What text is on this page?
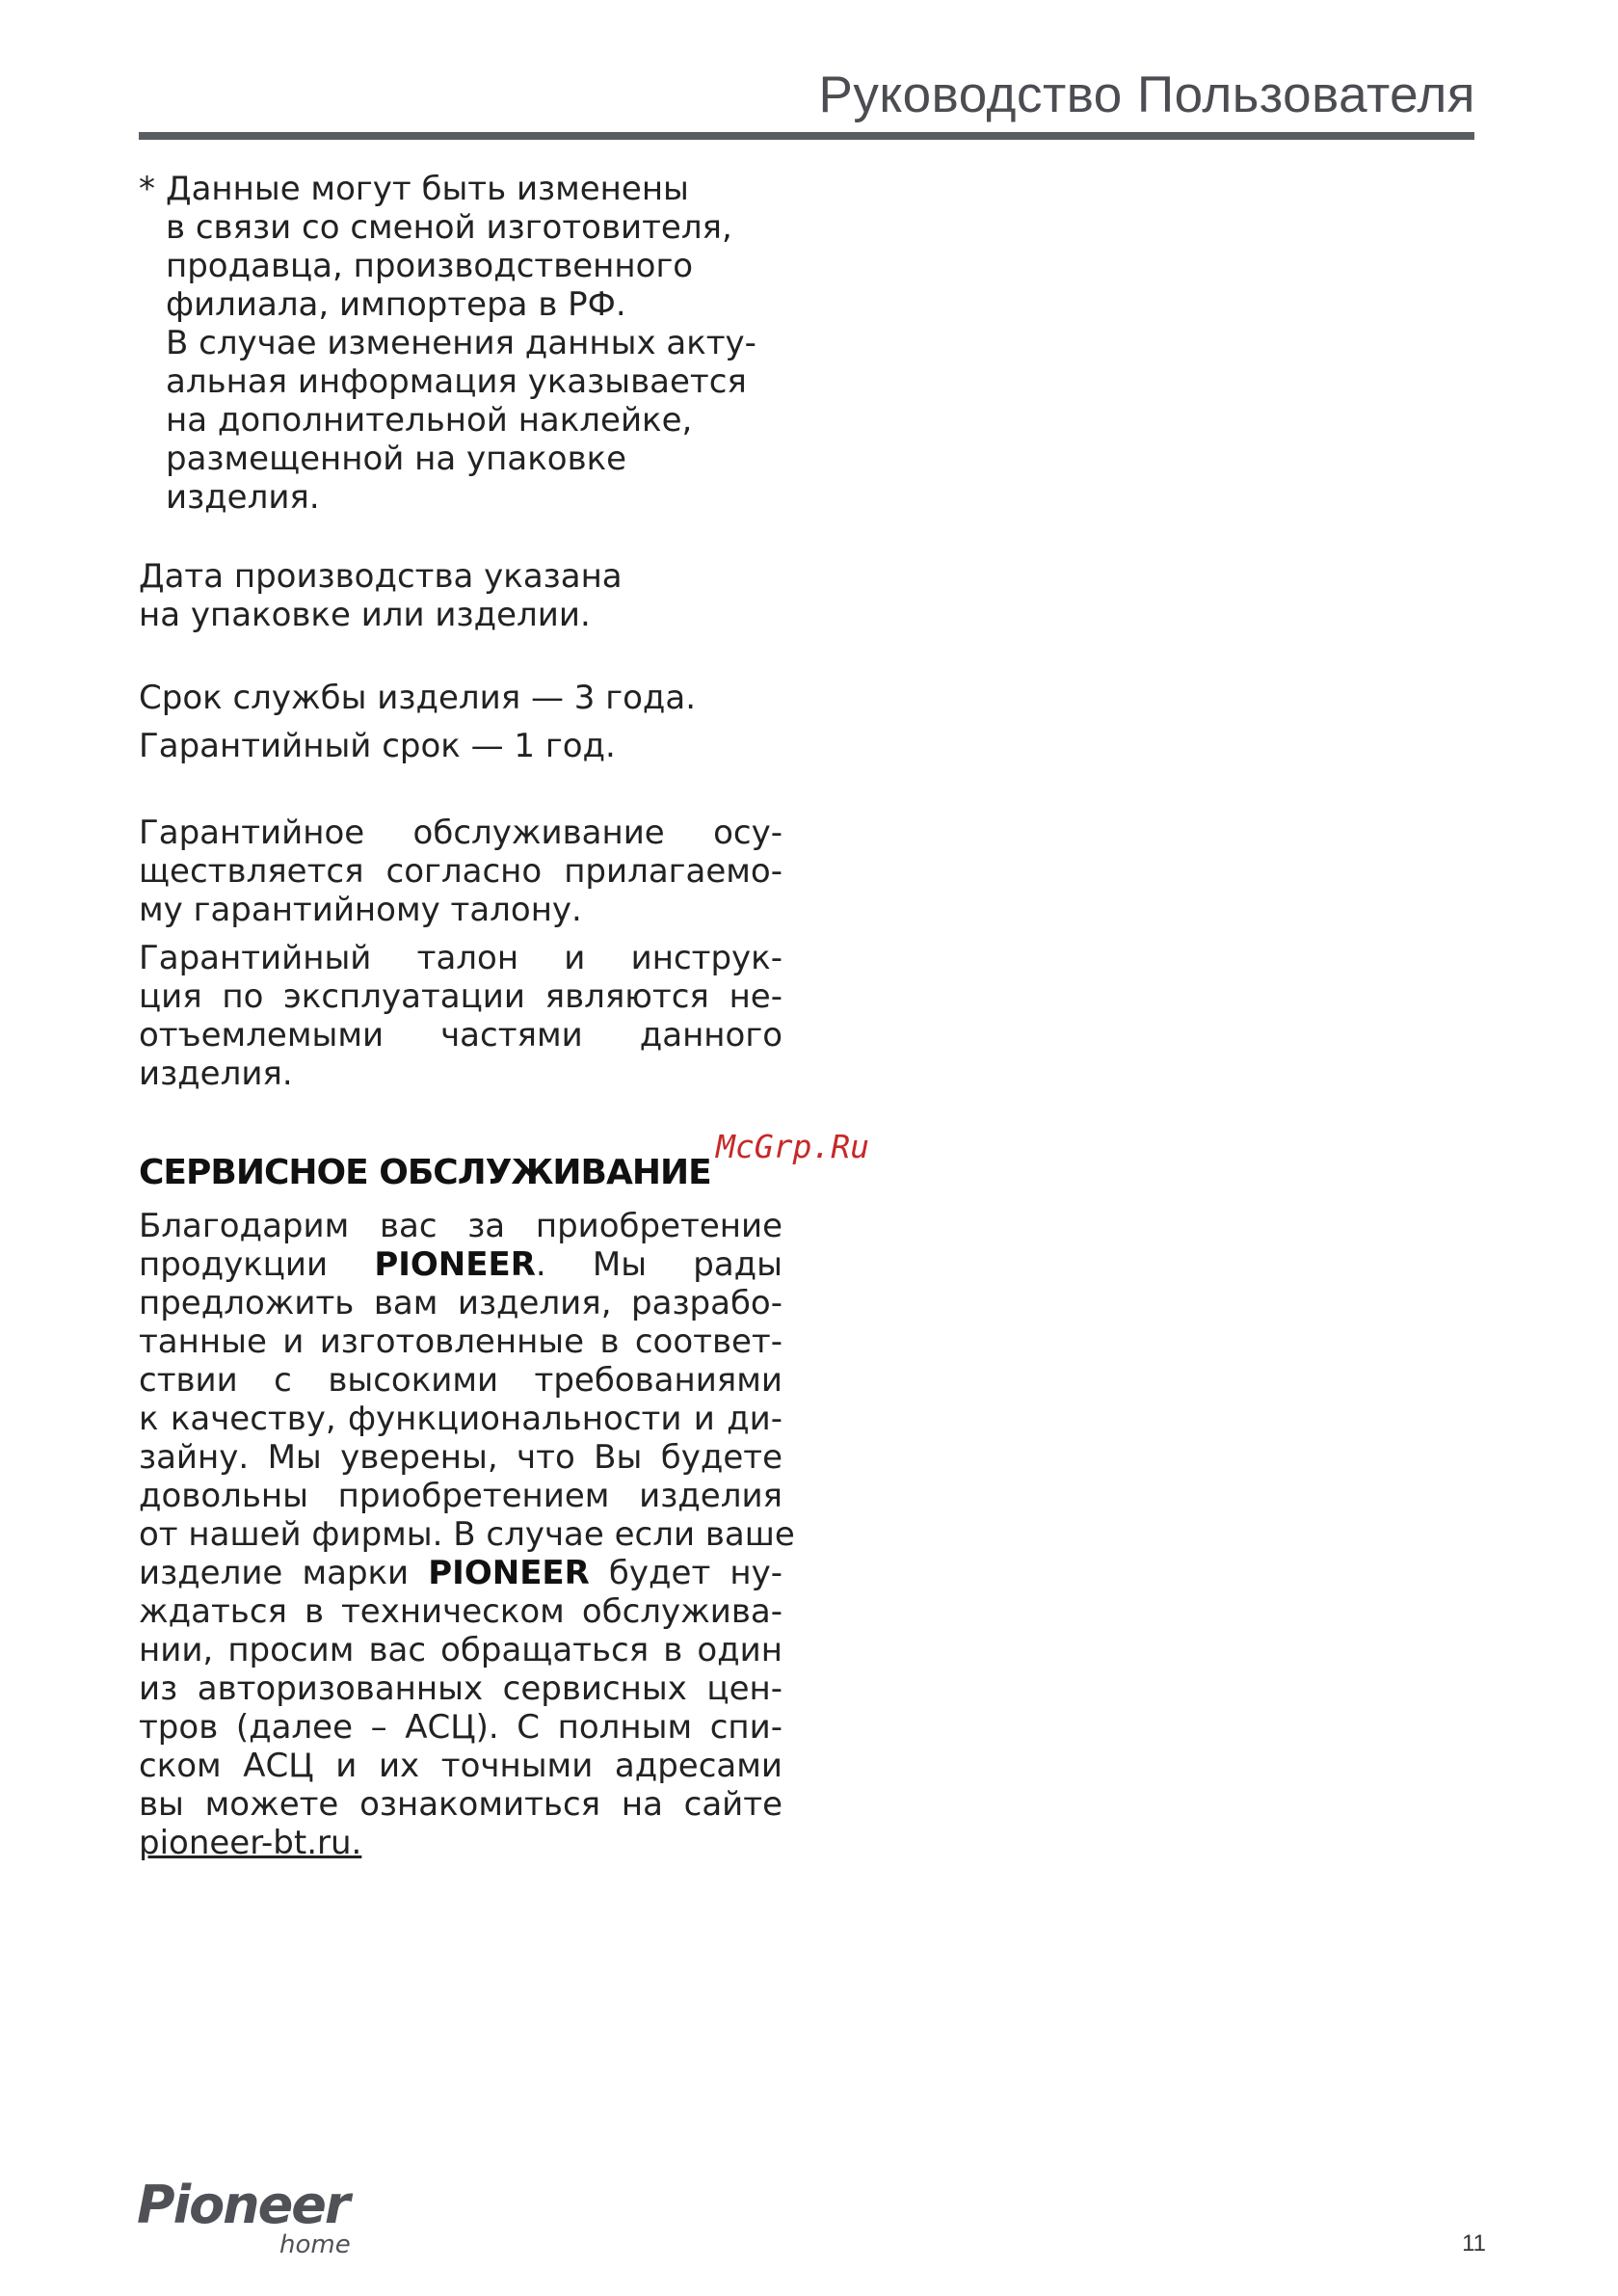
Руководство Пользователя
* Данные могут быть изменены
в связи со сменой изготовителя,
продавца, производственного
филиала, импортера в РФ.
В случае изменения данных акту-
альная информация указывается
на дополнительной наклейке,
размещенной на упаковке
изделия.
Дата производства указана
на упаковке или изделии.
Срок службы изделия — 3 года.
Гарантийный срок — 1 год.
Гарантийное обслуживание осу-
ществляется согласно прилагаемо-
му гарантийному талону.
Гарантийный талон и инструк-
ция по эксплуатации являются не-
отъемлемыми частями данного
изделия.
СЕРВИСНОЕ ОБСЛУЖИВАНИЕ
McGrp.Ru
Благодарим вас за приобретение
продукции PIONEER. Мы рады
предложить вам изделия, разрабо-
танные и изготовленные в соответ-
ствии с высокими требованиями
к качеству, функциональности и ди-
зайну. Мы уверены, что Вы будете
довольны приобретением изделия
от нашей фирмы. В случае если ваше
изделие марки PIONEER будет ну-
ждаться в техническом обслужива-
нии, просим вас обращаться в один
из авторизованных сервисных цен-
тров (далее – АСЦ). С полным спи-
ском АСЦ и их точными адресами
вы можете ознакомиться на сайте
pioneer-bt.ru.
Pioneer
home	11
